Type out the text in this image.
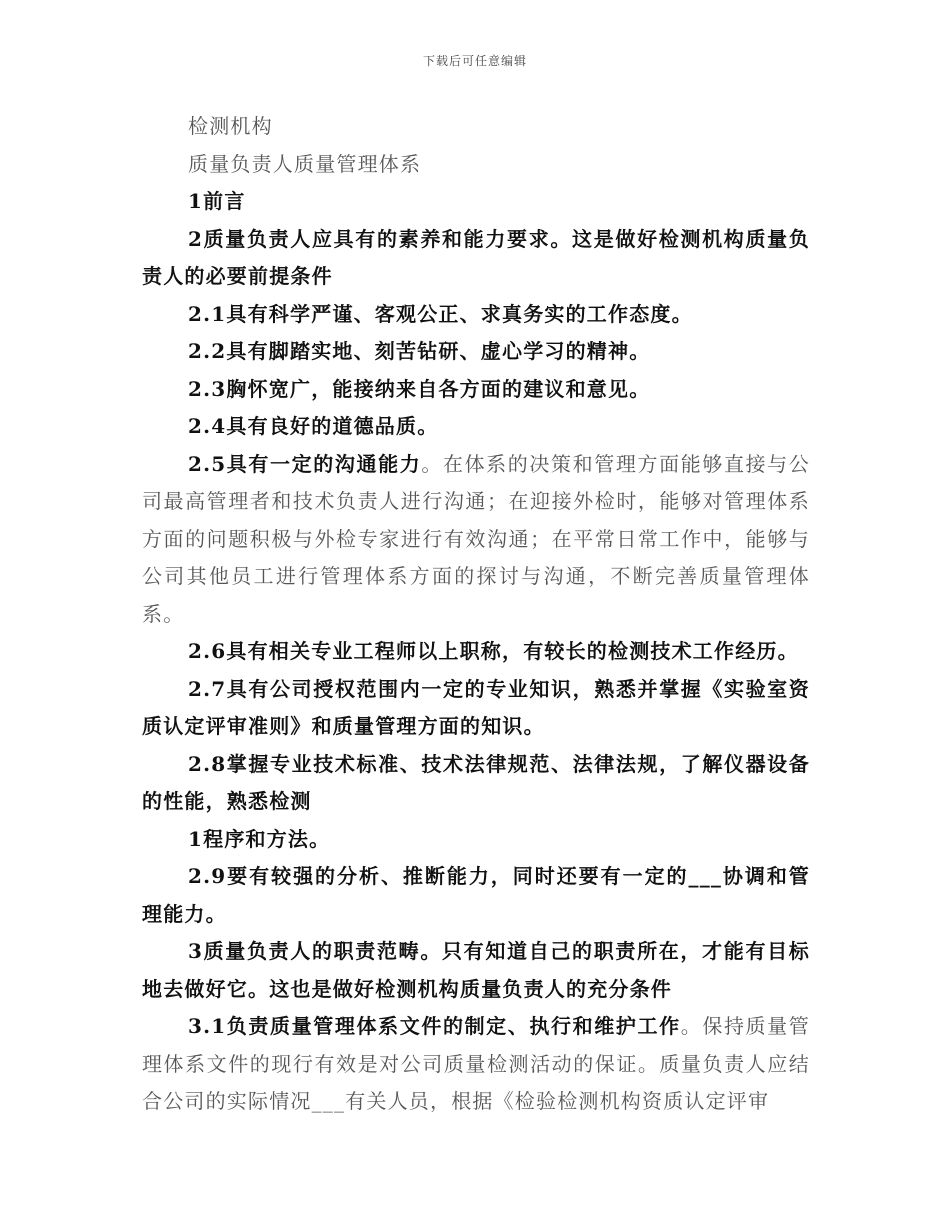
下载后可任意编辑

检测机构

质量负责人质量管理体系

1前言

2质量负责人应具有的素养和能力要求。这是做好检测机构质量负责人的必要前提条件

2.1具有科学严谨、客观公正、求真务实的工作态度。

2.2具有脚踏实地、刻苦钻研、虚心学习的精神。

2.3胸怀宽广，能接纳来自各方面的建议和意见。

2.4具有良好的道德品质。

2.5具有一定的沟通能力。在体系的决策和管理方面能够直接与公司最高管理者和技术负责人进行沟通；在迎接外检时，能够对管理体系方面的问题积极与外检专家进行有效沟通；在平常日常工作中，能够与公司其他员工进行管理体系方面的探讨与沟通，不断完善质量管理体系。

2.6具有相关专业工程师以上职称，有较长的检测技术工作经历。

2.7具有公司授权范围内一定的专业知识，熟悉并掌握《实验室资质认定评审准则》和质量管理方面的知识。

2.8掌握专业技术标准、技术法律规范、法律法规，了解仪器设备的性能，熟悉检测

1程序和方法。

2.9要有较强的分析、推断能力，同时还要有一定的___协调和管理能力。

3质量负责人的职责范畴。只有知道自己的职责所在，才能有目标地去做好它。这也是做好检测机构质量负责人的充分条件

3.1负责质量管理体系文件的制定、执行和维护工作。保持质量管理体系文件的现行有效是对公司质量检测活动的保证。质量负责人应结合公司的实际情况___有关人员，根据《检验检测机构资质认定评审
